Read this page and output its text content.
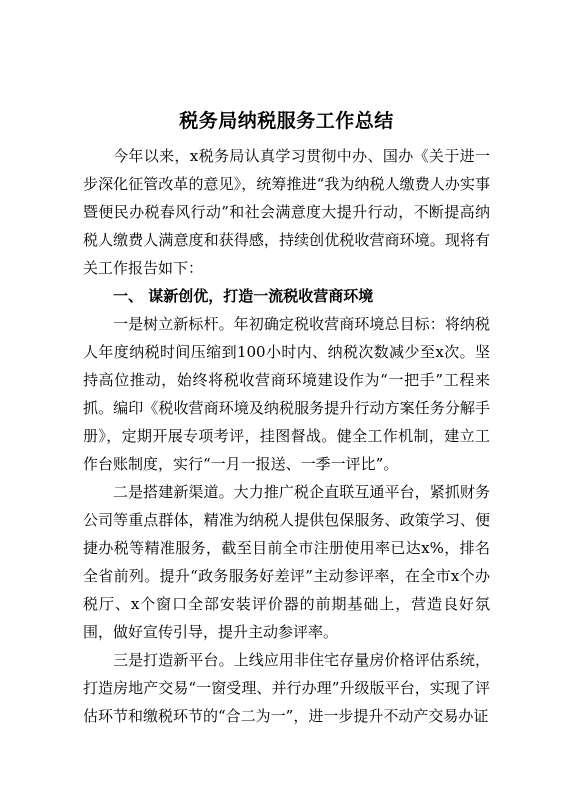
税务局纳税服务工作总结

今年以来，x税务局认真学习贯彻中办、国办《关于进一步深化征管改革的意见》，统筹推进“我为纳税人缴费人办实事暨便民办税春风行动”和社会满意度大提升行动，不断提高纳税人缴费人满意度和获得感，持续创优税收营商环境。现将有关工作报告如下：

一、 谋新创优，打造一流税收营商环境

一是树立新标杆。年初确定税收营商环境总目标：将纳税人年度纳税时间压缩到100小时内、纳税次数减少至x次。坚持高位推动，始终将税收营商环境建设作为“一把手”工程来抓。编印《税收营商环境及纳税服务提升行动方案任务分解手册》，定期开展专项考评，挂图督战。健全工作机制，建立工作台账制度，实行“一月一报送、一季一评比”。

二是搭建新渠道。大力推广税企直联互通平台，紧抓财务公司等重点群体，精准为纳税人提供包保服务、政策学习、便捷办税等精准服务，截至目前全市注册使用率已达x%，排名全省前列。提升“政务服务好差评”主动参评率，在全市x个办税厅、x个窗口全部安装评价器的前期基础上，营造良好氛围，做好宣传引导，提升主动参评率。

三是打造新平台。上线应用非住宅存量房价格评估系统，打造房地产交易“一窗受理、并行办理”升级版平台，实现了评估环节和缴税环节的“合二为一”，进一步提升不动产交易办证
